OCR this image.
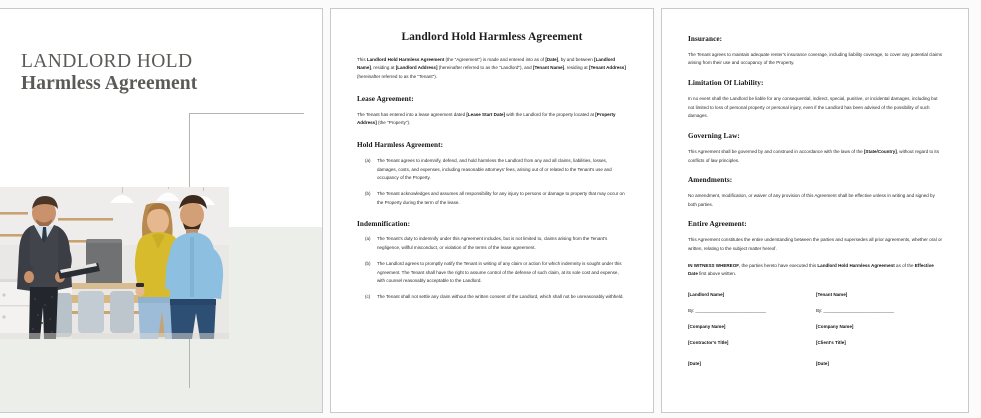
LANDLORD HOLD
Harmless Agreement
Landlord Hold Harmless Agreement

This Landlord Hold Harmless Agreement (the "Agreement") is made and entered into as of [Date], by and between [Landlord Name], residing at [Landlord Address] (hereinafter referred to as the "Landlord"), and [Tenant Name], residing at [Tenant Address] (hereinafter referred to as the "Tenant").

Lease Agreement:

The Tenant has entered into a lease agreement dated [Lease Start Date] with the Landlord for the property located at [Property Address] (the "Property").

Hold Harmless Agreement:
(a)	The Tenant agrees to indemnify, defend, and hold harmless the Landlord from any and all claims, liabilities, losses, damages, costs, and expenses, including reasonable attorneys' fees, arising out of or related to the Tenant's use and occupancy of the Property.
(b)	The Tenant acknowledges and assumes all responsibility for any injury to persons or damage to property that may occur on the Property during the term of the lease.
Indemnification:
(a)	The Tenant's duty to indemnify under this Agreement includes, but is not limited to, claims arising from the Tenant's negligence, willful misconduct, or violation of the terms of the lease agreement.
(b)	The Landlord agrees to promptly notify the Tenant in writing of any claim or action for which indemnity is sought under this Agreement. The Tenant shall have the right to assume control of the defense of such claim, at its sole cost and expense, with counsel reasonably acceptable to the Landlord.
(c)	The Tenant shall not settle any claim without the written consent of the Landlord, which shall not be unreasonably withheld.
Insurance:

The Tenant agrees to maintain adequate renter's insurance coverage, including liability coverage, to cover any potential claims arising from their use and occupancy of the Property.

Limitation Of Liability:

In no event shall the Landlord be liable for any consequential, indirect, special, punitive, or incidental damages, including but not limited to loss of personal property or personal injury, even if the Landlord has been advised of the possibility of such damages.

Governing Law:

This Agreement shall be governed by and construed in accordance with the laws of the [State/Country], without regard to its conflicts of law principles.

Amendments:

No amendment, modification, or waiver of any provision of this Agreement shall be effective unless in writing and signed by both parties.

Entire Agreement:

This Agreement constitutes the entire understanding between the parties and supersedes all prior agreements, whether oral or written, relating to the subject matter hereof.

IN WITNESS WHEREOF, the parties hereto have executed this Landlord Hold Harmless Agreement as of the Effective Date first above written.

[Landlord Name]
By: _____________________________
[Company Name]
[Contractor's Title]
[Date]
[Tenant Name]
By: _____________________________
[Company Name]
[Client's Title]
[Date]
